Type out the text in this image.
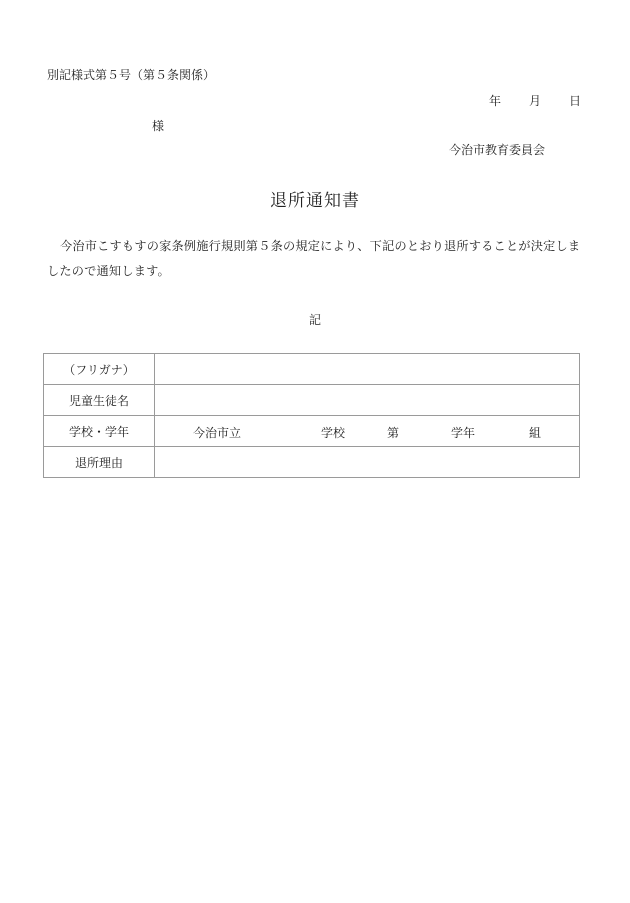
別記様式第５号（第５条関係）
年 月 日
様
今治市教育委員会
退所通知書
今治市こすもすの家条例施行規則第５条の規定により、下記のとおり退所することが決定しましたので通知します。
記
（フリガナ）	
児童生徒名	
学校・学年	今治市立 学校 第 学年 組

退所理由	
